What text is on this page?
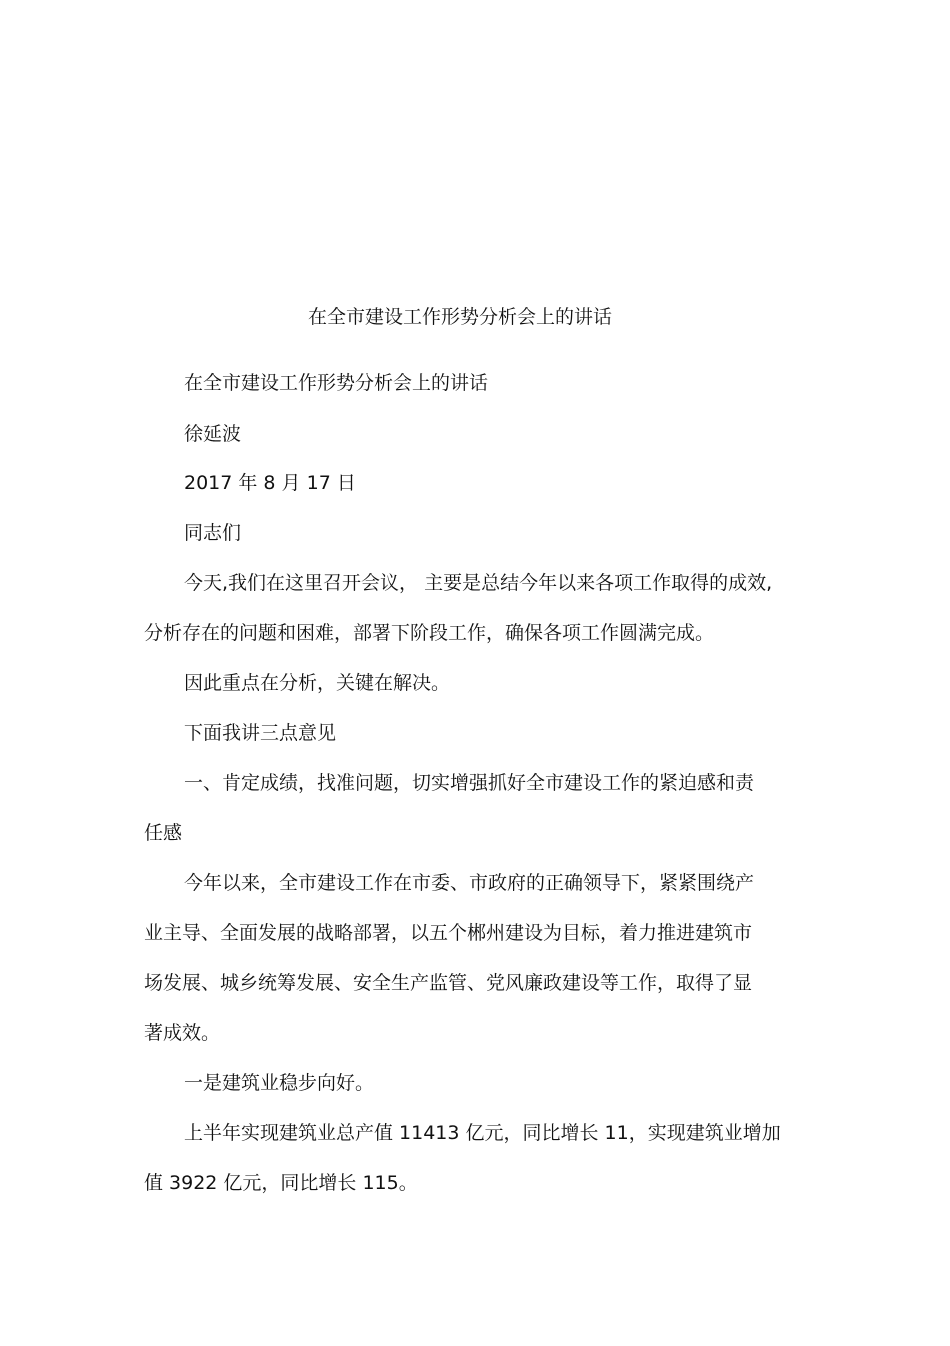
在全市建设工作形势分析会上的讲话
在全市建设工作形势分析会上的讲话
徐延波
2017 年 8 月 17 日
同志们
今天,我们在这里召开会议， 主要是总结今年以来各项工作取得的成效,
分析存在的问题和困难，部署下阶段工作，确保各项工作圆满完成。
因此重点在分析，关键在解决。
下面我讲三点意见
一、肯定成绩，找准问题，切实增强抓好全市建设工作的紧迫感和责
任感
今年以来，全市建设工作在市委、市政府的正确领导下，紧紧围绕产
业主导、全面发展的战略部署，以五个郴州建设为目标，着力推进建筑市
场发展、城乡统筹发展、安全生产监管、党风廉政建设等工作，取得了显
著成效。
一是建筑业稳步向好。
上半年实现建筑业总产值 11413 亿元，同比增长 11，实现建筑业增加
值 3922 亿元，同比增长 115。
